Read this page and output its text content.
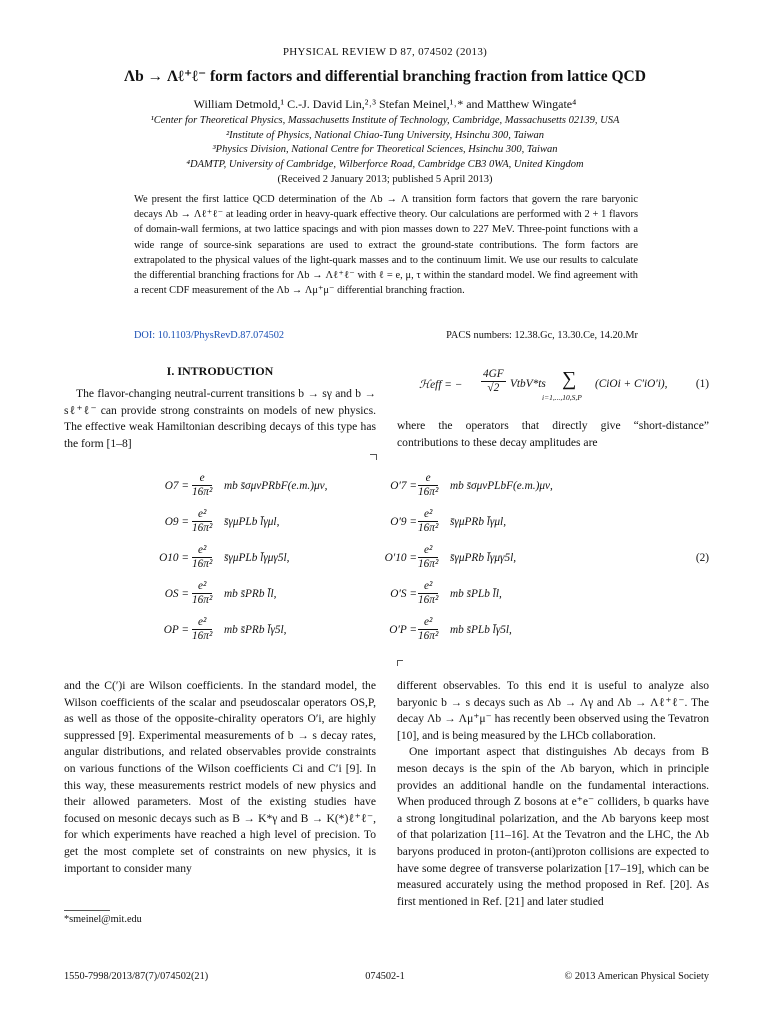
PHYSICAL REVIEW D 87, 074502 (2013)
Λb → Λℓ⁺ℓ⁻ form factors and differential branching fraction from lattice QCD
William Detmold,¹ C.-J. David Lin,²˒³ Stefan Meinel,¹˒* and Matthew Wingate⁴
¹Center for Theoretical Physics, Massachusetts Institute of Technology, Cambridge, Massachusetts 02139, USA
²Institute of Physics, National Chiao-Tung University, Hsinchu 300, Taiwan
³Physics Division, National Centre for Theoretical Sciences, Hsinchu 300, Taiwan
⁴DAMTP, University of Cambridge, Wilberforce Road, Cambridge CB3 0WA, United Kingdom
(Received 2 January 2013; published 5 April 2013)
We present the first lattice QCD determination of the Λb → Λ transition form factors that govern the rare baryonic decays Λb → Λℓ⁺ℓ⁻ at leading order in heavy-quark effective theory. Our calculations are performed with 2 + 1 flavors of domain-wall fermions, at two lattice spacings and with pion masses down to 227 MeV. Three-point functions with a wide range of source-sink separations are used to extract the ground-state contributions. The form factors are extrapolated to the physical values of the light-quark masses and to the continuum limit. We use our results to calculate the differential branching fractions for Λb → Λℓ⁺ℓ⁻ with ℓ = e, μ, τ within the standard model. We find agreement with a recent CDF measurement of the Λb → Λμ⁺μ⁻ differential branching fraction.
DOI: 10.1103/PhysRevD.87.074502	PACS numbers: 12.38.Gc, 13.30.Ce, 14.20.Mr
I. INTRODUCTION

The flavor-changing neutral-current transitions b → sγ and b → sℓ⁺ℓ⁻ can provide strong constraints on models of new physics. The effective weak Hamiltonian describing decays of this type has the form [1–8]

ℋeff = − $\frac{4GF}{√2}$ VtbV*ts ∑
i=1,...,10,S,P
(CiOi + C′iO′i),	(1)

where the operators that directly give “short-distance” contributions to these decay amplitudes are

$O7 = \frac{e}{\text{16π²}}$ mb s̄σμνPRbF(e.m.)μν,	$O'7 = \frac{e}{\text{16π²}}$ mb s̄σμνPLbF(e.m.)μν,
$O9 = \frac{\text{e²}}{\text{16π²}}$ s̄γμPLb l̄γμl,	$O'9 = \frac{\text{e²}}{\text{16π²}}$ s̄γμPRb l̄γμl,
$O10 = \frac{\text{e²}}{\text{16π²}}$ s̄γμPLb l̄γμγ5l,	$O'10 = \frac{\text{e²}}{\text{16π²}}$ s̄γμPRb l̄γμγ5l,	(2)
OS = $\frac{\text{e²}}{\text{16π²}}$ mb s̄PRb l̄l,	$O'S = \frac{\text{e²}}{\text{16π²}}$ mb s̄PLb l̄l,
OP = $\frac{\text{e²}}{\text{16π²}}$ mb s̄PRb l̄γ5l,	$O'P = \frac{\text{e²}}{\text{16π²}}$ mb s̄PLb l̄γ5l,

and the C(′)i are Wilson coefficients. In the standard model, the Wilson coefficients of the scalar and pseudoscalar operators OS,P, as well as those of the opposite-chirality operators O′i, are highly suppressed [9]. Experimental measurements of b → s decay rates, angular distributions, and related observables provide constraints on various functions of the Wilson coefficients Ci and C′i [9]. In this way, these measurements restrict models of new physics and their allowed parameters. Most of the existing studies have focused on mesonic decays such as B → K*γ and B → K(*)ℓ⁺ℓ⁻, for which experiments have reached a high level of precision. To get the most complete set of constraints on new physics, it is important to consider many

different observables. To this end it is useful to analyze also baryonic b → s decays such as Λb → Λγ and Λb → Λℓ⁺ℓ⁻. The decay Λb → Λμ⁺μ⁻ has recently been observed using the Tevatron [10], and is being measured by the LHCb collaboration.

One important aspect that distinguishes Λb decays from B meson decays is the spin of the Λb baryon, which in principle provides an additional handle on the fundamental interactions. When produced through Z bosons at e⁺e⁻ colliders, b quarks have a strong longitudinal polarization, and the Λb baryons keep most of that polarization [11–16]. At the Tevatron and the LHC, the Λb baryons produced in proton-(anti)proton collisions are expected to have some degree of transverse polarization [17–19], which can be measured accurately using the method proposed in Ref. [20]. As first mentioned in Ref. [21] and later studied

*smeinel@mit.edu
1550-7998/2013/87(7)/074502(21)	074502-1	© 2013 American Physical Society
